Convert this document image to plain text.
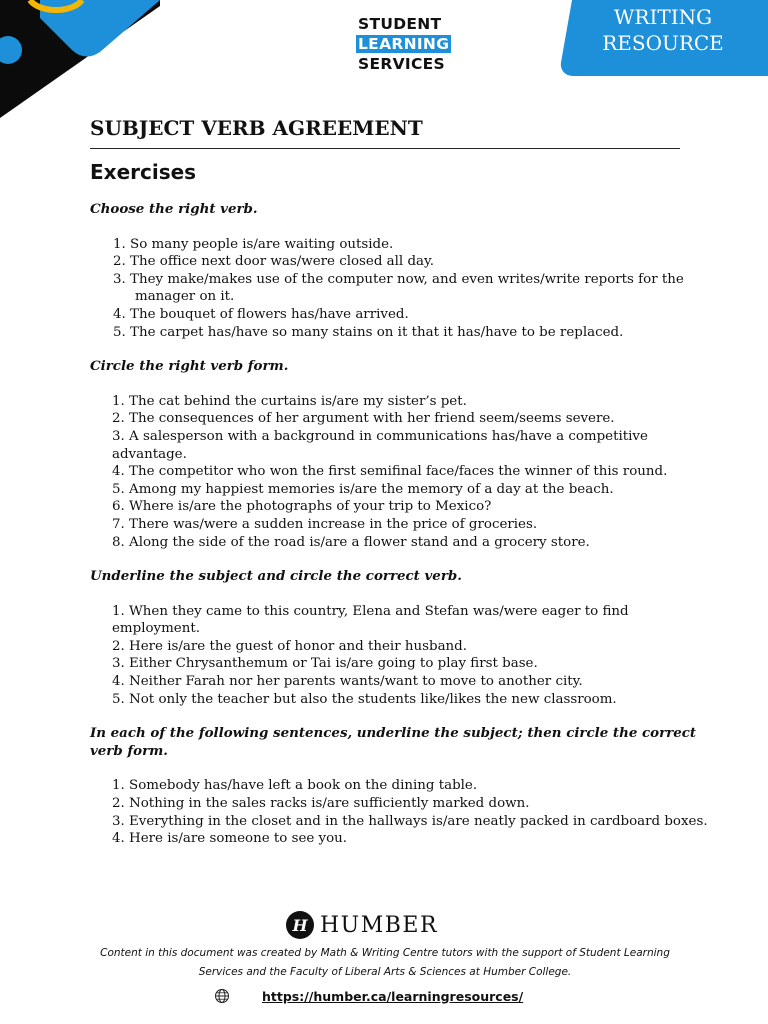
STUDENT
LEARNING
SERVICES
WRITING
RESOURCE
SUBJECT VERB AGREEMENT
Exercises
Choose the right verb.
1. So many people is/are waiting outside.
2. The office next door was/were closed all day.
3. They make/makes use of the computer now, and even writes/write reports for the manager on it.
4. The bouquet of flowers has/have arrived.
5. The carpet has/have so many stains on it that it has/have to be replaced.
Circle the right verb form.
1. The cat behind the curtains is/are my sister’s pet.
2. The consequences of her argument with her friend seem/seems severe.
3. A salesperson with a background in communications has/have a competitive advantage.
4. The competitor who won the first semifinal face/faces the winner of this round.
5. Among my happiest memories is/are the memory of a day at the beach.
6. Where is/are the photographs of your trip to Mexico?
7. There was/were a sudden increase in the price of groceries.
8. Along the side of the road is/are a flower stand and a grocery store.
Underline the subject and circle the correct verb.
1. When they came to this country, Elena and Stefan was/were eager to find employment.
2. Here is/are the guest of honor and their husband.
3. Either Chrysanthemum or Tai is/are going to play first base.
4. Neither Farah nor her parents wants/want to move to another city.
5. Not only the teacher but also the students like/likes the new classroom.
In each of the following sentences, underline the subject; then circle the correct verb form.
1. Somebody has/have left a book on the dining table.
2. Nothing in the sales racks is/are sufficiently marked down.
3. Everything in the closet and in the hallways is/are neatly packed in cardboard boxes.
4. Here is/are someone to see you.
H HUMBER
Content in this document was created by Math & Writing Centre tutors with the support of Student Learning
Services and the Faculty of Liberal Arts & Sciences at Humber College.
https://humber.ca/learningresources/
